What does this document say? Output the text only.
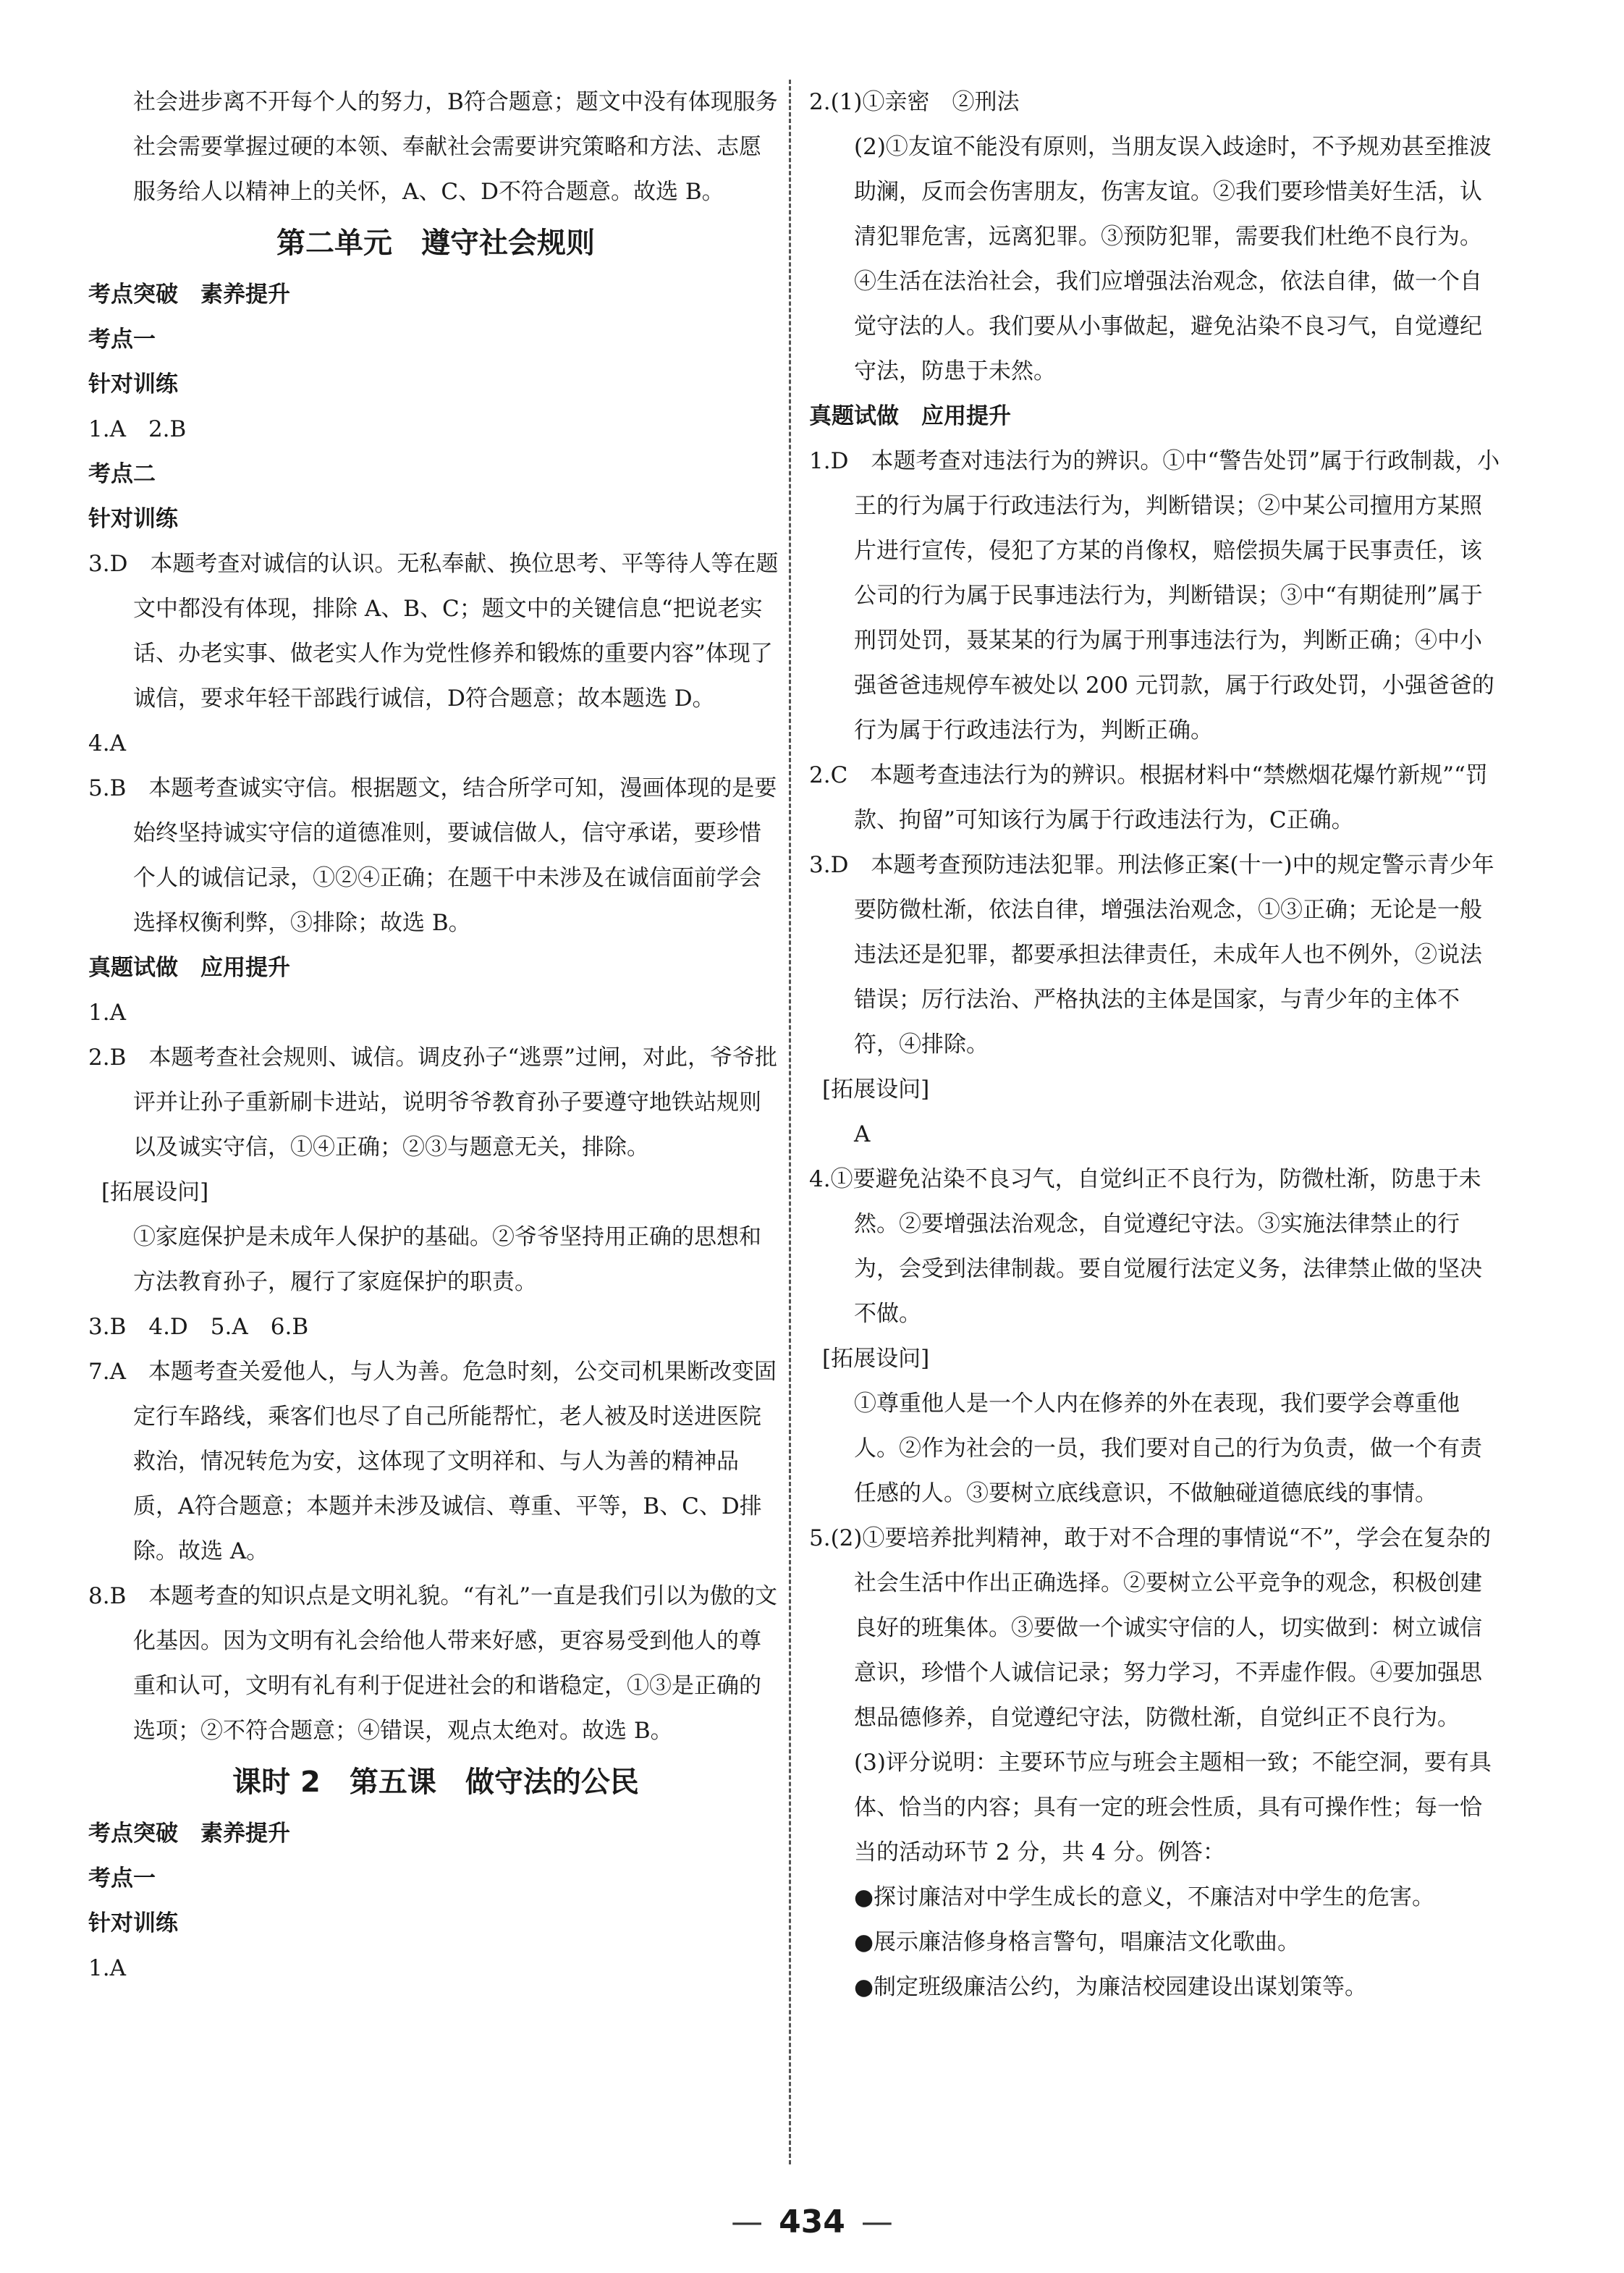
社会进步离不开每个人的努力，B符合题意；题文中没有体现服务社会需要掌握过硬的本领、奉献社会需要讲究策略和方法、志愿服务给人以精神上的关怀，A、C、D不符合题意。故选 B。

第二单元　遵守社会规则

考点突破　素养提升

考点一

针对训练

1.A　2.B

考点二

针对训练

3.D　本题考查对诚信的认识。无私奉献、换位思考、平等待人等在题文中都没有体现，排除 A、B、C；题文中的关键信息“把说老实话、办老实事、做老实人作为党性修养和锻炼的重要内容”体现了诚信，要求年轻干部践行诚信，D符合题意；故本题选 D。

4.A

5.B　本题考查诚实守信。根据题文，结合所学可知，漫画体现的是要始终坚持诚实守信的道德准则，要诚信做人，信守承诺，要珍惜个人的诚信记录，①②④正确；在题干中未涉及在诚信面前学会选择权衡利弊，③排除；故选 B。

真题试做　应用提升

1.A

2.B　本题考查社会规则、诚信。调皮孙子“逃票”过闸，对此，爷爷批评并让孙子重新刷卡进站，说明爷爷教育孙子要遵守地铁站规则以及诚实守信，①④正确；②③与题意无关，排除。

[拓展设问]

①家庭保护是未成年人保护的基础。②爷爷坚持用正确的思想和方法教育孙子，履行了家庭保护的职责。

3.B　4.D　5.A　6.B

7.A　本题考查关爱他人，与人为善。危急时刻，公交司机果断改变固定行车路线，乘客们也尽了自己所能帮忙，老人被及时送进医院救治，情况转危为安，这体现了文明祥和、与人为善的精神品质，A符合题意；本题并未涉及诚信、尊重、平等，B、C、D排除。故选 A。

8.B　本题考查的知识点是文明礼貌。“有礼”一直是我们引以为傲的文化基因。因为文明有礼会给他人带来好感，更容易受到他人的尊重和认可，文明有礼有利于促进社会的和谐稳定，①③是正确的选项；②不符合题意；④错误，观点太绝对。故选 B。

课时 2　第五课　做守法的公民

考点突破　素养提升

考点一

针对训练

1.A

2.(1)①亲密　②刑法

(2)①友谊不能没有原则，当朋友误入歧途时，不予规劝甚至推波助澜，反而会伤害朋友，伤害友谊。②我们要珍惜美好生活，认清犯罪危害，远离犯罪。③预防犯罪，需要我们杜绝不良行为。④生活在法治社会，我们应增强法治观念，依法自律，做一个自觉守法的人。我们要从小事做起，避免沾染不良习气，自觉遵纪守法，防患于未然。

真题试做　应用提升

1.D　本题考查对违法行为的辨识。①中“警告处罚”属于行政制裁，小王的行为属于行政违法行为，判断错误；②中某公司擅用方某照片进行宣传，侵犯了方某的肖像权，赔偿损失属于民事责任，该公司的行为属于民事违法行为，判断错误；③中“有期徒刑”属于刑罚处罚，聂某某的行为属于刑事违法行为，判断正确；④中小强爸爸违规停车被处以 200 元罚款，属于行政处罚，小强爸爸的行为属于行政违法行为，判断正确。

2.C　本题考查违法行为的辨识。根据材料中“禁燃烟花爆竹新规”“罚款、拘留”可知该行为属于行政违法行为，C正确。

3.D　本题考查预防违法犯罪。刑法修正案(十一)中的规定警示青少年要防微杜渐，依法自律，增强法治观念，①③正确；无论是一般违法还是犯罪，都要承担法律责任，未成年人也不例外，②说法错误；厉行法治、严格执法的主体是国家，与青少年的主体不符，④排除。

[拓展设问]

A

4.①要避免沾染不良习气，自觉纠正不良行为，防微杜渐，防患于未然。②要增强法治观念，自觉遵纪守法。③实施法律禁止的行为，会受到法律制裁。要自觉履行法定义务，法律禁止做的坚决不做。

[拓展设问]

①尊重他人是一个人内在修养的外在表现，我们要学会尊重他人。②作为社会的一员，我们要对自己的行为负责，做一个有责任感的人。③要树立底线意识，不做触碰道德底线的事情。

5.(2)①要培养批判精神，敢于对不合理的事情说“不”，学会在复杂的社会生活中作出正确选择。②要树立公平竞争的观念，积极创建良好的班集体。③要做一个诚实守信的人，切实做到：树立诚信意识，珍惜个人诚信记录；努力学习，不弄虚作假。④要加强思想品德修养，自觉遵纪守法，防微杜渐，自觉纠正不良行为。

(3)评分说明：主要环节应与班会主题相一致；不能空洞，要有具体、恰当的内容；具有一定的班会性质，具有可操作性；每一恰当的活动环节 2 分，共 4 分。例答：

●探讨廉洁对中学生成长的意义，不廉洁对中学生的危害。

●展示廉洁修身格言警句，唱廉洁文化歌曲。

●制定班级廉洁公约，为廉洁校园建设出谋划策等。

— 434 —
